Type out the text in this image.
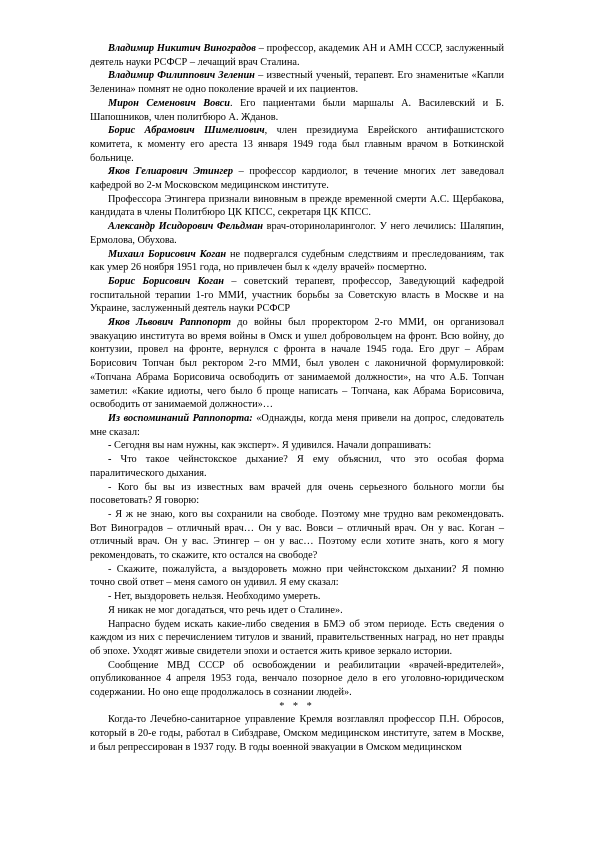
Владимир Никитич Виноградов – профессор, академик АН и АМН СССР, заслуженный деятель науки РСФСР – лечащий врач Сталина.

Владимир Филиппович Зеленин – известный ученый, терапевт. Его знаменитые «Капли Зеленина» помнят не одно поколение врачей и их пациентов.

Мирон Семенович Вовси. Его пациентами были маршалы А. Василевский и Б. Шапошников, член политбюро А. Жданов.

Борис Абрамович Шимелиович, член президиума Еврейского антифашистского комитета, к моменту его ареста 13 января 1949 года был главным врачом в Боткинской больнице.

Яков Гелиарович Этингер – профессор кардиолог, в течение многих лет заведовал кафедрой во 2-м Московском медицинском институте.

Профессора Этингера признали виновным в прежде временной смерти А.С. Щербакова, кандидата в члены Политбюро ЦК КПСС, секретаря ЦК КПСС.

Александр Исидорович Фельдман врач-оториноларинголог. У него лечились: Шаляпин, Ермолова, Обухова.

Михаил Борисович Коган не подвергался судебным следствиям и преследованиям, так как умер 26 ноября 1951 года, но привлечен был к «делу врачей» посмертно.

Борис Борисович Коган – советский терапевт, профессор, Заведующий кафедрой госпитальной терапии 1-го ММИ, участник борьбы за Советскую власть в Москве и на Украине, заслуженный деятель науки РСФСР

Яков Львович Раппопорт до войны был проректором 2-го ММИ, он организовал эвакуацию института во время войны в Омск и ушел добровольцем на фронт. Всю войну, до контузии, провел на фронте, вернулся с фронта в начале 1945 года. Его друг – Абрам Борисович Топчан был ректором 2-го ММИ, был уволен с лаконичной формулировкой: «Топчана Абрама Борисовича освободить от занимаемой должности», на что А.Б. Топчан заметил: «Какие идиоты, чего было б проще написать – Топчана, как Абрама Борисовича, освободить от занимаемой должности»…

Из воспоминаний Раппопорта: «Однажды, когда меня привели на допрос, следователь мне сказал:

- Сегодня вы нам нужны, как эксперт». Я удивился. Начали допрашивать:

- Что такое чейнстокское дыхание? Я ему объяснил, что это особая форма паралитического дыхания.

- Кого бы вы из известных вам врачей для очень серьезного больного могли бы посоветовать? Я говорю:

- Я ж не знаю, кого вы сохранили на свободе. Поэтому мне трудно вам рекомендовать. Вот Виноградов – отличный врач… Он у вас. Вовси – отличный врач. Он у вас. Коган – отличный врач. Он у вас. Этингер – он у вас… Поэтому если хотите знать, кого я могу рекомендовать, то скажите, кто остался на свободе?

- Скажите, пожалуйста, а выздороветь можно при чейнстокском дыхании? Я помню точно свой ответ – меня самого он удивил. Я ему сказал:

- Нет, выздороветь нельзя. Необходимо умереть.

Я никак не мог догадаться, что речь идет о Сталине».

Напрасно будем искать какие-либо сведения в БМЭ об этом периоде. Есть сведения о каждом из них с перечислением титулов и званий, правительственных наград, но нет правды об эпохе. Уходят живые свидетели эпохи и остается жить кривое зеркало истории.

Сообщение МВД СССР об освобождении и реабилитации «врачей-вредителей», опубликованное 4 апреля 1953 года, венчало позорное дело в его уголовно-юридическом содержании. Но оно еще продолжалось в сознании людей».

* * *

Когда-то Лечебно-санитарное управление Кремля возглавлял профессор П.Н. Обросов, который в 20-е годы, работал в Сибздраве, Омском медицинском институте, затем в Москве, и был репрессирован в 1937 году. В годы военной эвакуации в Омском медицинском
